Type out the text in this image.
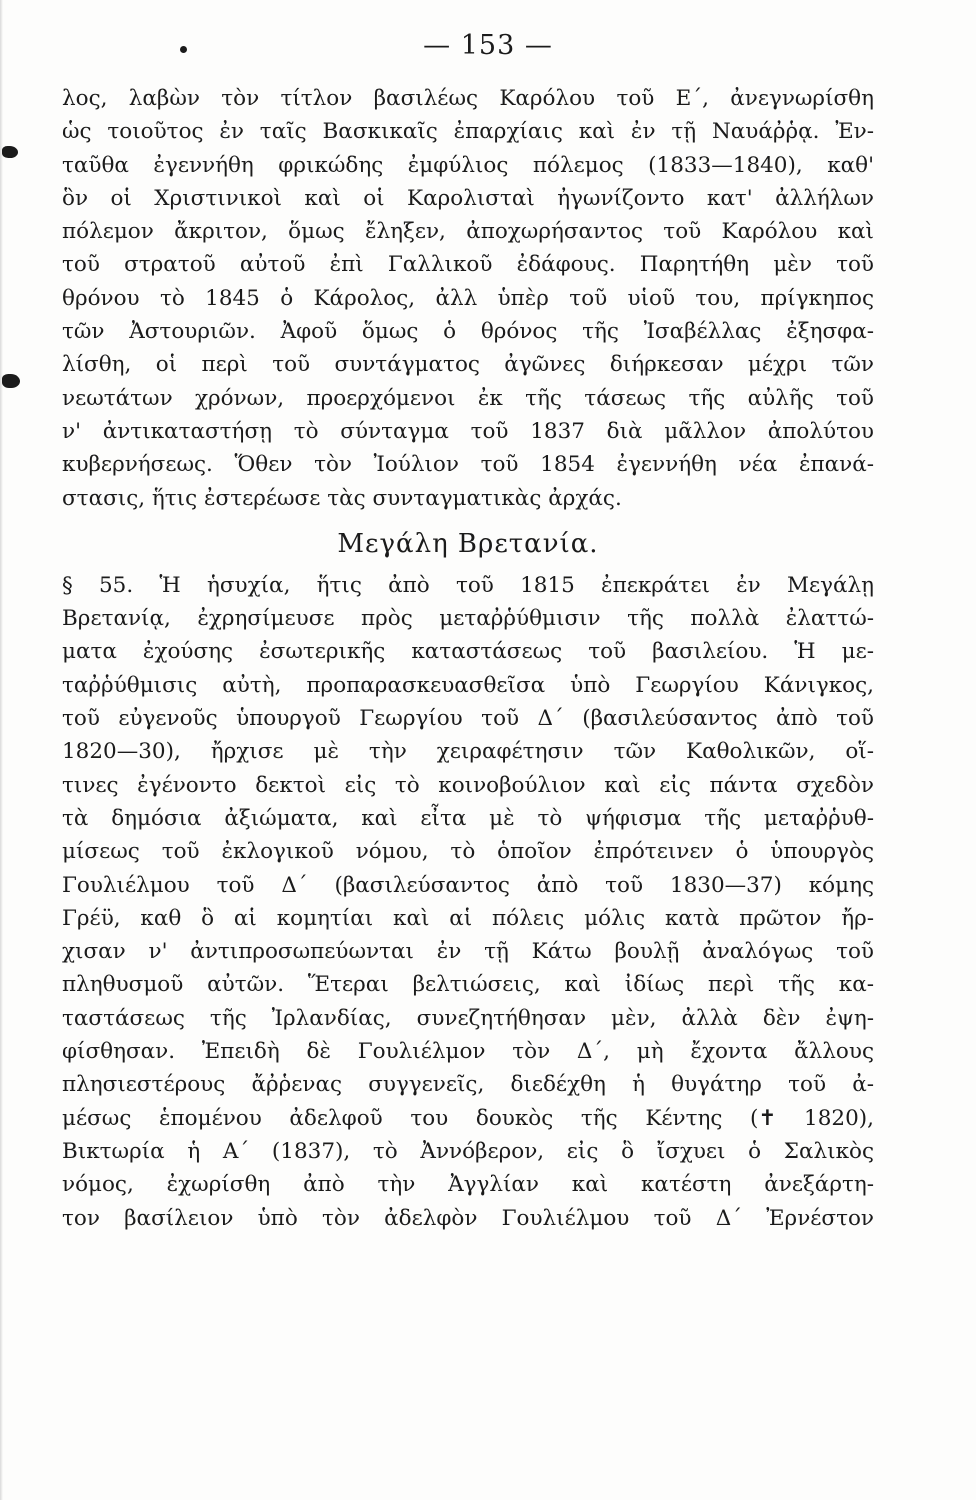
— 153 —
λος, λαβὼν τὸν τίτλον βασιλέως Καρόλου τοῦ Ε΄, ἀνεγνωρίσθη
ὡς τοιοῦτος ἐν ταῖς Βασκικαῖς ἐπαρχίαις καὶ ἐν τῇ Ναυάῤῥᾳ. Ἐν-
ταῦθα ἐγεννήθη φρικώδης ἐμφύλιος πόλεμος (1833—1840), καθ'
ὃν οἱ Χριστινικοὶ καὶ οἱ Καρολισταὶ ἠγωνίζοντο κατ' ἀλλήλων
πόλεμον ἄκριτον, ὅμως ἔληξεν, ἀποχωρήσαντος τοῦ Καρόλου καὶ
τοῦ στρατοῦ αὐτοῦ ἐπὶ Γαλλικοῦ ἐδάφους. Παρητήθη μὲν τοῦ
θρόνου τὸ 1845 ὁ Κάρολος, ἀλλ ὑπὲρ τοῦ υἱοῦ του, πρίγκηπος
τῶν Ἀστουριῶν. Ἀφοῦ ὅμως ὁ θρόνος τῆς Ἰσαβέλλας ἐξησφα-
λίσθη, οἱ περὶ τοῦ συντάγματος ἀγῶνες διήρκεσαν μέχρι τῶν
νεωτάτων χρόνων, προερχόμενοι ἐκ τῆς τάσεως τῆς αὐλῆς τοῦ
ν' ἀντικαταστήσῃ τὸ σύνταγμα τοῦ 1837 διὰ μᾶλλον ἀπολύτου
κυβερνήσεως. Ὅθεν τὸν Ἰούλιον τοῦ 1854 ἐγεννήθη νέα ἐπανά-
στασις, ἥτις ἐστερέωσε τὰς συνταγματικὰς ἀρχάς.
Μεγάλη Βρετανία.
§ 55. Ἡ ἡσυχία, ἥτις ἀπὸ τοῦ 1815 ἐπεκράτει ἐν Μεγάλῃ
Βρετανίᾳ, ἐχρησίμευσε πρὸς μεταῤῥύθμισιν τῆς πολλὰ ἐλαττώ-
ματα ἐχούσης ἐσωτερικῆς καταστάσεως τοῦ βασιλείου. Ἡ με-
ταῤῥύθμισις αὐτὴ, προπαρασκευασθεῖσα ὑπὸ Γεωργίου Κάνιγκος,
τοῦ εὐγενοῦς ὑπουργοῦ Γεωργίου τοῦ Δ΄ (βασιλεύσαντος ἀπὸ τοῦ
1820—30), ἤρχισε μὲ τὴν χειραφέτησιν τῶν Καθολικῶν, οἵ-
τινες ἐγένοντο δεκτοὶ εἰς τὸ κοινοβούλιον καὶ εἰς πάντα σχεδὸν
τὰ δημόσια ἀξιώματα, καὶ εἶτα μὲ τὸ ψήφισμα τῆς μεταῤῥυθ-
μίσεως τοῦ ἐκλογικοῦ νόμου, τὸ ὁποῖον ἐπρότεινεν ὁ ὑπουργὸς
Γουλιέλμου τοῦ Δ΄ (βασιλεύσαντος ἀπὸ τοῦ 1830—37) κόμης
Γρέϋ, καθ ὃ αἱ κομητίαι καὶ αἱ πόλεις μόλις κατὰ πρῶτον ἤρ-
χισαν ν' ἀντιπροσωπεύωνται ἐν τῇ Κάτω βουλῇ ἀναλόγως τοῦ
πληθυσμοῦ αὐτῶν. Ἕτεραι βελτιώσεις, καὶ ἰδίως περὶ τῆς κα-
ταστάσεως τῆς Ἰρλανδίας, συνεζητήθησαν μὲν, ἀλλὰ δὲν ἐψη-
φίσθησαν. Ἐπειδὴ δὲ Γουλιέλμον τὸν Δ΄, μὴ ἔχοντα ἄλλους
πλησιεστέρους ἄῤῥενας συγγενεῖς, διεδέχθη ἡ θυγάτηρ τοῦ ἀ-
μέσως ἑπομένου ἀδελφοῦ του δουκὸς τῆς Κέντης (✝ 1820),
Βικτωρία ἡ Α΄ (1837), τὸ Ἀννόβερον, εἰς ὃ ἴσχυει ὁ Σαλικὸς
νόμος, ἐχωρίσθη ἀπὸ τὴν Ἀγγλίαν καὶ κατέστη ἀνεξάρτη-
τον βασίλειον ὑπὸ τὸν ἀδελφὸν Γουλιέλμου τοῦ Δ΄ Ἐρνέστον
